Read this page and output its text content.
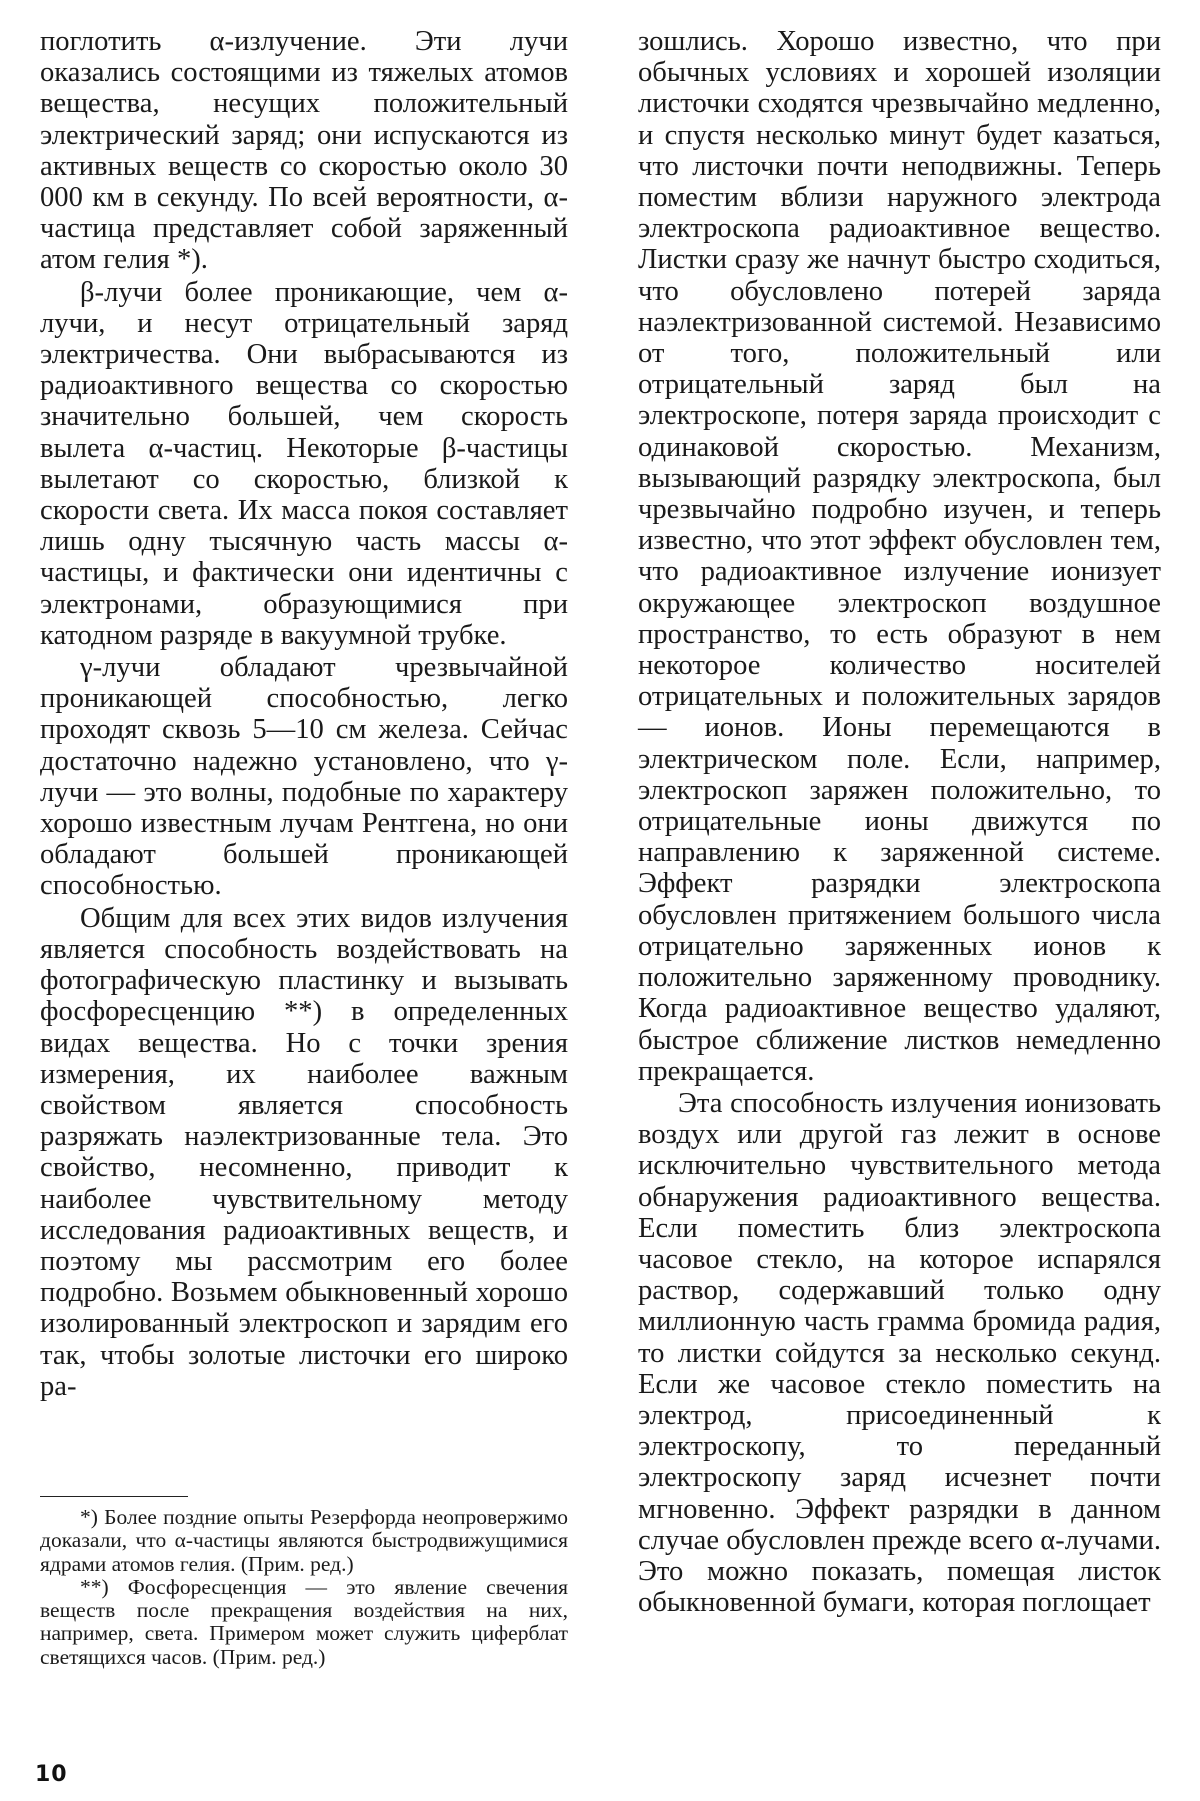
поглотить α-излучение. Эти лучи оказались состоящими из тяжелых атомов вещества, несущих положительный электрический заряд; они испускаются из активных веществ со скоростью около 30 000 км в секунду. По всей вероятности, α-частица представляет собой заряженный атом гелия *).

β-лучи более проникающие, чем α-лучи, и несут отрицательный заряд электричества. Они выбрасываются из радиоактивного вещества со скоростью значительно большей, чем скорость вылета α-частиц. Некоторые β-частицы вылетают со скоростью, близкой к скорости света. Их масса покоя составляет лишь одну тысячную часть массы α-частицы, и фактически они идентичны с электронами, образующимися при катодном разряде в вакуумной трубке.

γ-лучи обладают чрезвычайной проникающей способностью, легко проходят сквозь 5—10 см железа. Сейчас достаточно надежно установлено, что γ-лучи — это волны, подобные по характеру хорошо известным лучам Рентгена, но они обладают большей проникающей способностью.

Общим для всех этих видов излучения является способность воздействовать на фотографическую пластинку и вызывать фосфоресценцию **) в определенных видах вещества. Но с точки зрения измерения, их наиболее важным свойством является способность разряжать наэлектризованные тела. Это свойство, несомненно, приводит к наиболее чувствительному методу исследования радиоактивных веществ, и поэтому мы рассмотрим его более подробно. Возьмем обыкновенный хорошо изолированный электроскоп и зарядим его так, чтобы золотые листочки его широко ра-

зошлись. Хорошо известно, что при обычных условиях и хорошей изоляции листочки сходятся чрезвычайно медленно, и спустя несколько минут будет казаться, что листочки почти неподвижны. Теперь поместим вблизи наружного электрода электроскопа радиоактивное вещество. Листки сразу же начнут быстро сходиться, что обусловлено потерей заряда наэлектризованной системой. Независимо от того, положительный или отрицательный заряд был на электроскопе, потеря заряда происходит с одинаковой скоростью. Механизм, вызывающий разрядку электроскопа, был чрезвычайно подробно изучен, и теперь известно, что этот эффект обусловлен тем, что радиоактивное излучение ионизует окружающее электроскоп воздушное пространство, то есть образуют в нем некоторое количество носителей отрицательных и положительных зарядов — ионов. Ионы перемещаются в электрическом поле. Если, например, электроскоп заряжен положительно, то отрицательные ионы движутся по направлению к заряженной системе. Эффект разрядки электроскопа обусловлен притяжением большого числа отрицательно заряженных ионов к положительно заряженному проводнику. Когда радиоактивное вещество удаляют, быстрое сближение листков немедленно прекращается.

Эта способность излучения ионизовать воздух или другой газ лежит в основе исключительно чувствительного метода обнаружения радиоактивного вещества. Если поместить близ электроскопа часовое стекло, на которое испарялся раствор, содержавший только одну миллионную часть грамма бромида радия, то листки сойдутся за несколько секунд. Если же часовое стекло поместить на электрод, присоединенный к электроскопу, то переданный электроскопу заряд исчезнет почти мгновенно. Эффект разрядки в данном случае обусловлен прежде всего α-лучами. Это можно показать, помещая листок обыкновенной бумаги, которая поглощает

*) Более поздние опыты Резерфорда неопровержимо доказали, что α-частицы являются быстродвижущимися ядрами атомов гелия. (Прим. ред.)

**) Фосфоресценция — это явление свечения веществ после прекращения воздействия на них, например, света. Примером может служить циферблат светящихся часов. (Прим. ред.)

10
